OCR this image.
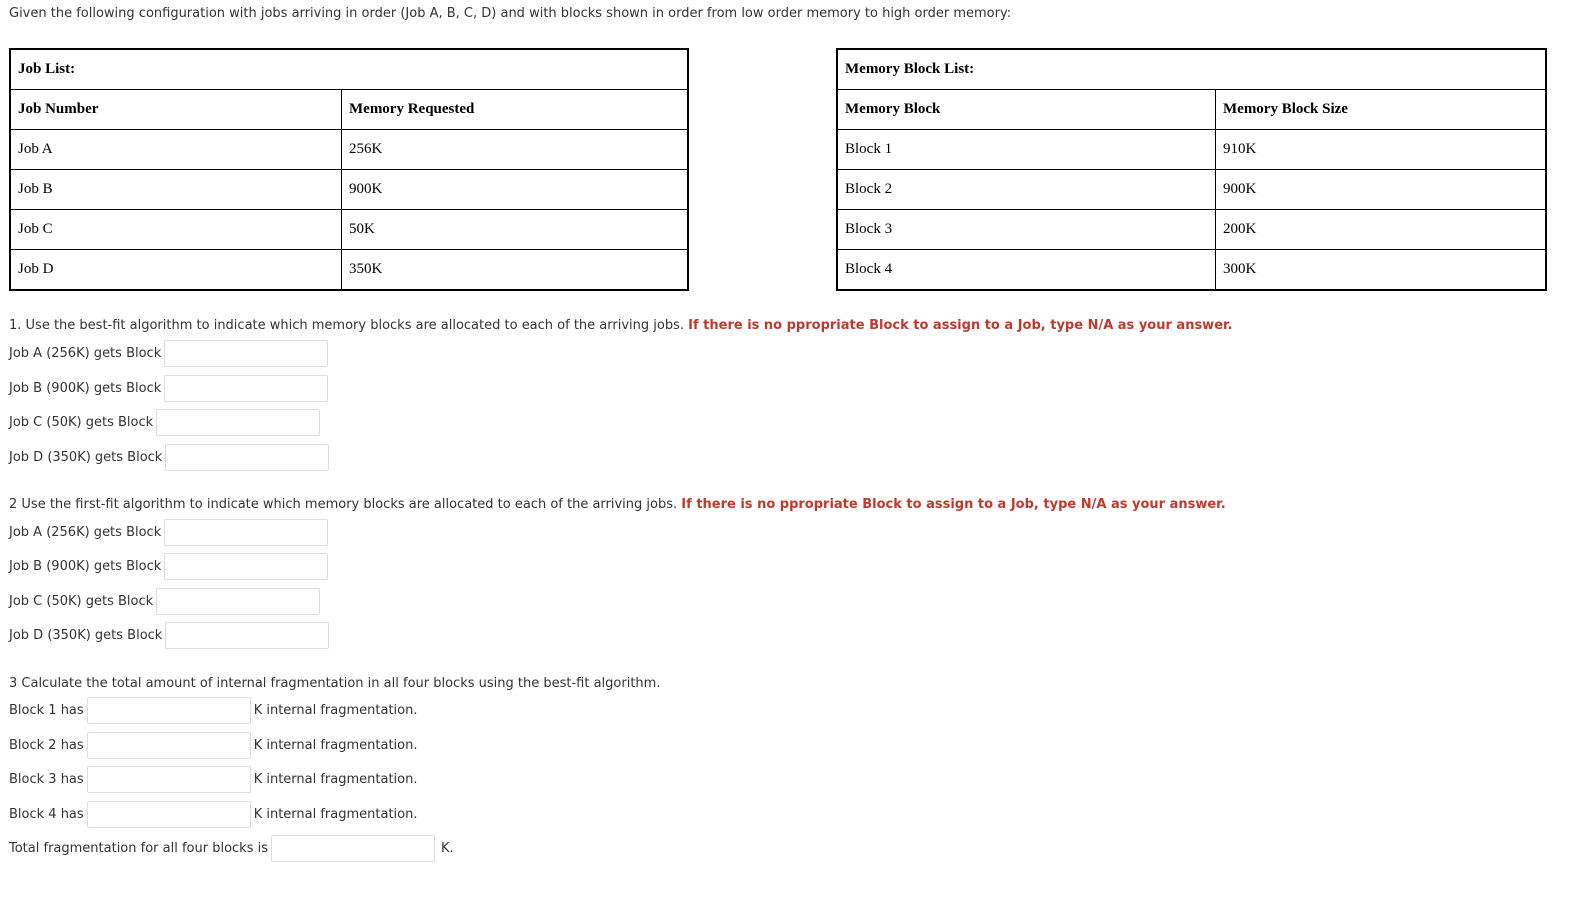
Given the following configuration with jobs arriving in order (Job A, B, C, D) and with blocks shown in order from low order memory to high order memory:
Job List:	
Job Number	Memory Requested
Job A	256K
Job B	900K
Job C	50K
Job D	350K
Memory Block List:	
Memory Block	Memory Block Size
Block 1	910K
Block 2	900K
Block 3	200K
Block 4	300K
1. Use the best-fit algorithm to indicate which memory blocks are allocated to each of the arriving jobs. If there is no ppropriate Block to assign to a Job, type N/A as your answer.
Job A (256K) gets Block
Job B (900K) gets Block
Job C (50K) gets Block
Job D (350K) gets Block
2 Use the first-fit algorithm to indicate which memory blocks are allocated to each of the arriving jobs. If there is no ppropriate Block to assign to a Job, type N/A as your answer.
Job A (256K) gets Block
Job B (900K) gets Block
Job C (50K) gets Block
Job D (350K) gets Block
3 Calculate the total amount of internal fragmentation in all four blocks using the best-fit algorithm.
Block 1 has	K internal fragmentation.
Block 2 has	K internal fragmentation.
Block 3 has	K internal fragmentation.
Block 4 has	K internal fragmentation.
Total fragmentation for all four blocks is	K.
